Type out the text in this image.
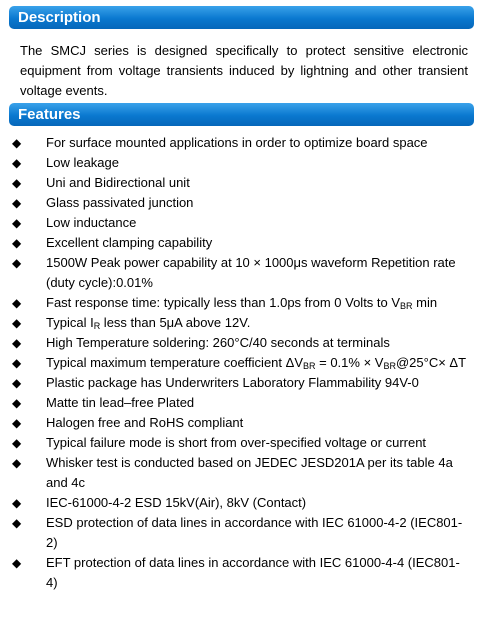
Description

The SMCJ series is designed specifically to protect sensitive electronic equipment from voltage transients induced by lightning and other transient voltage events.

Features
◆ For surface mounted applications in order to optimize board space
◆ Low leakage
◆ Uni and Bidirectional unit
◆ Glass passivated junction
◆ Low inductance
◆ Excellent clamping capability
◆ 1500W Peak power capability at 10 × 1000μs waveform Repetition rate (duty cycle):0.01%
◆ Fast response time: typically less than 1.0ps from 0 Volts to $V_{BR}$ min
◆ Typical $I_R$ less than 5μA above 12V.
◆ High Temperature soldering: 260°C/40 seconds at terminals
◆ Typical maximum temperature coefficient $\Delta V_{BR} = 0.1\%$ × $V_{BR}@25^\circ C\times \Delta T$
◆ Plastic package has Underwriters Laboratory Flammability 94V-0
◆ Matte tin lead–free Plated
◆ Halogen free and RoHS compliant
◆ Typical failure mode is short from over-specified voltage or current
◆ Whisker test is conducted based on JEDEC JESD201A per its table 4a and 4c
◆ IEC-61000-4-2 ESD 15kV(Air), 8kV (Contact)
◆ ESD protection of data lines in accordance with IEC 61000-4-2 (IEC801-2)
◆ EFT protection of data lines in accordance with IEC 61000-4-4 (IEC801-4)
